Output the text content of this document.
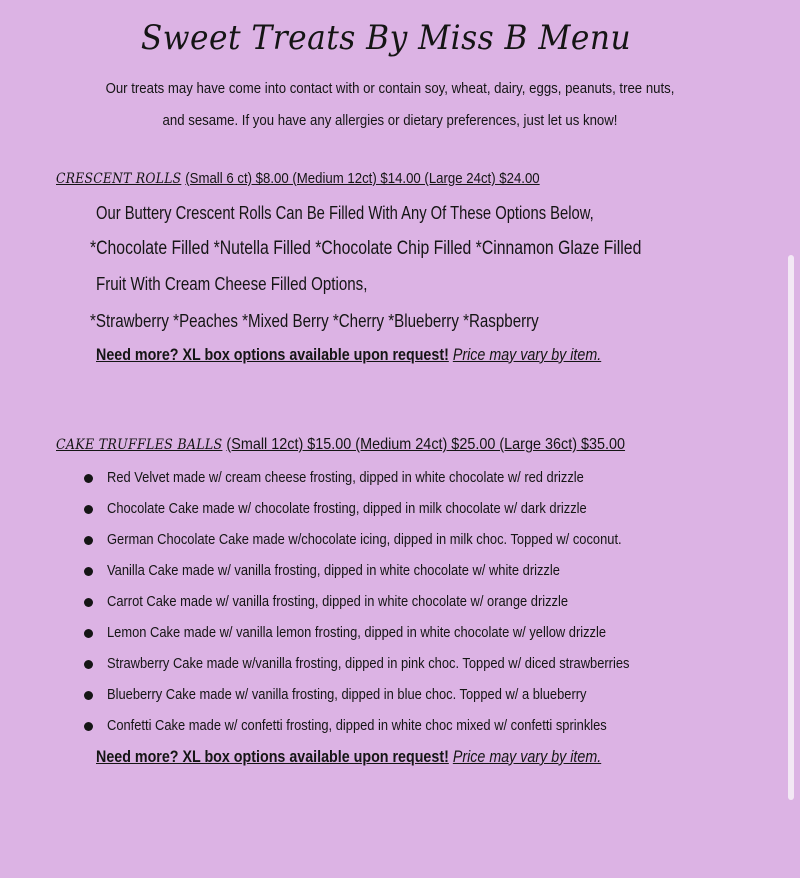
Sweet Treats By Miss B Menu
Our treats may have come into contact with or contain soy, wheat, dairy, eggs, peanuts, tree nuts,
and sesame. If you have any allergies or dietary preferences, just let us know!
CRESCENT ROLLS (Small 6 ct) $8.00 (Medium 12ct) $14.00 (Large 24ct) $24.00
Our Buttery Crescent Rolls Can Be Filled With Any Of These Options Below,
*Chocolate Filled *Nutella Filled *Chocolate Chip Filled *Cinnamon Glaze Filled
Fruit With Cream Cheese Filled Options,
*Strawberry *Peaches *Mixed Berry *Cherry *Blueberry *Raspberry
Need more? XL box options available upon request! Price may vary by item.
CAKE TRUFFLES BALLS (Small 12ct) $15.00 (Medium 24ct) $25.00 (Large 36ct) $35.00
Red Velvet made w/ cream cheese frosting, dipped in white chocolate w/ red drizzle
Chocolate Cake made w/ chocolate frosting, dipped in milk chocolate w/ dark drizzle
German Chocolate Cake made w/chocolate icing, dipped in milk choc. Topped w/ coconut.
Vanilla Cake made w/ vanilla frosting, dipped in white chocolate w/ white drizzle
Carrot Cake made w/ vanilla frosting, dipped in white chocolate w/ orange drizzle
Lemon Cake made w/ vanilla lemon frosting, dipped in white chocolate w/ yellow drizzle
Strawberry Cake made w/vanilla frosting, dipped in pink choc. Topped w/ diced strawberries
Blueberry Cake made w/ vanilla frosting, dipped in blue choc. Topped w/ a blueberry
Confetti Cake made w/ confetti frosting, dipped in white choc mixed w/ confetti sprinkles
Need more? XL box options available upon request! Price may vary by item.
